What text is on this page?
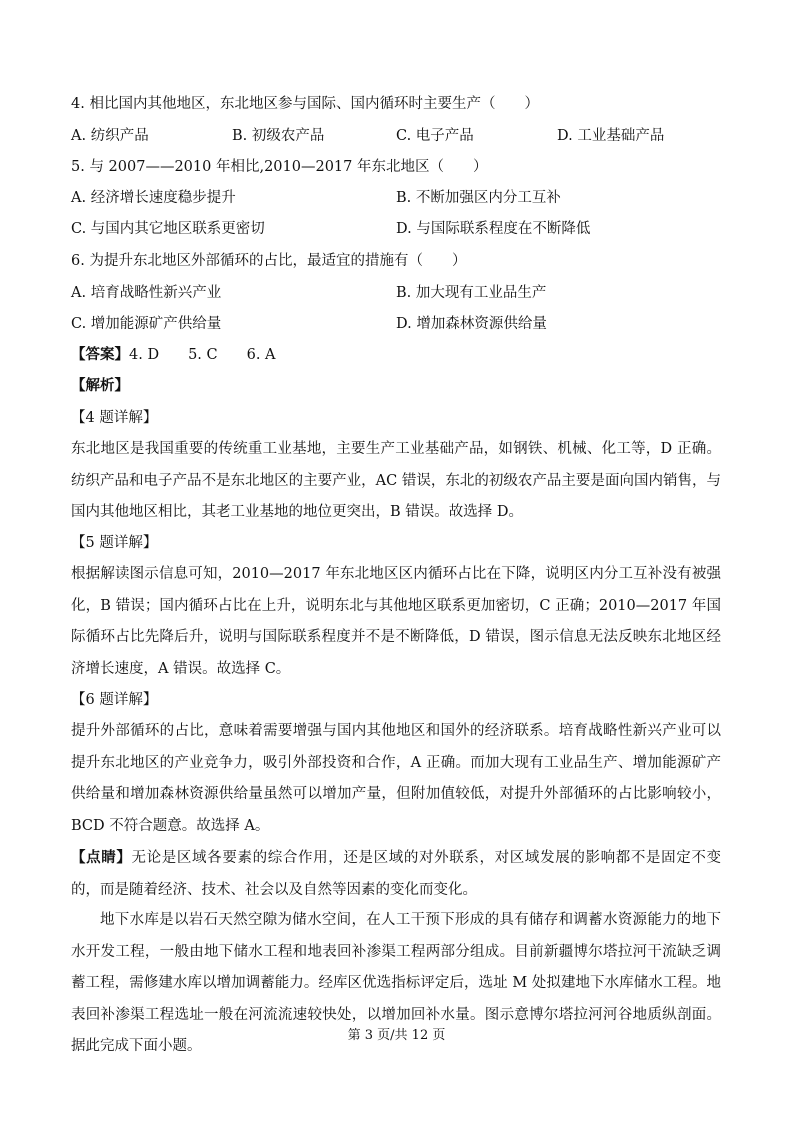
4. 相比国内其他地区，东北地区参与国际、国内循环时主要生产（　　）
A. 纺织产品	B. 初级农产品	C. 电子产品	D. 工业基础产品
5. 与 2007——2010 年相比,2010—2017 年东北地区（　　）
A. 经济增长速度稳步提升	B. 不断加强区内分工互补
C. 与国内其它地区联系更密切	D. 与国际联系程度在不断降低
6. 为提升东北地区外部循环的占比，最适宜的措施有（　　）
A. 培育战略性新兴产业	B. 加大现有工业品生产
C. 增加能源矿产供给量	D. 增加森林资源供给量
【答案】4. D　　5. C　　6. A
【解析】
【4 题详解】
东北地区是我国重要的传统重工业基地，主要生产工业基础产品，如钢铁、机械、化工等，D 正确。纺织产品和电子产品不是东北地区的主要产业，AC 错误，东北的初级农产品主要是面向国内销售，与国内其他地区相比，其老工业基地的地位更突出，B 错误。故选择 D。
【5 题详解】
根据解读图示信息可知，2010—2017 年东北地区区内循环占比在下降，说明区内分工互补没有被强化，B 错误；国内循环占比在上升，说明东北与其他地区联系更加密切，C 正确；2010—2017 年国际循环占比先降后升，说明与国际联系程度并不是不断降低，D 错误，图示信息无法反映东北地区经济增长速度，A 错误。故选择 C。
【6 题详解】
提升外部循环的占比，意味着需要增强与国内其他地区和国外的经济联系。培育战略性新兴产业可以提升东北地区的产业竞争力，吸引外部投资和合作，A 正确。而加大现有工业品生产、增加能源矿产供给量和增加森林资源供给量虽然可以增加产量，但附加值较低，对提升外部循环的占比影响较小，BCD 不符合题意。故选择 A。
【点睛】无论是区域各要素的综合作用，还是区域的对外联系，对区域发展的影响都不是固定不变的，而是随着经济、技术、社会以及自然等因素的变化而变化。
地下水库是以岩石天然空隙为储水空间，在人工干预下形成的具有储存和调蓄水资源能力的地下水开发工程，一般由地下储水工程和地表回补渗渠工程两部分组成。目前新疆博尔塔拉河干流缺乏调蓄工程，需修建水库以增加调蓄能力。经库区优选指标评定后，选址 M 处拟建地下水库储水工程。地表回补渗渠工程选址一般在河流流速较快处，以增加回补水量。图示意博尔塔拉河河谷地质纵剖面。据此完成下面小题。
第 3 页/共 12 页
